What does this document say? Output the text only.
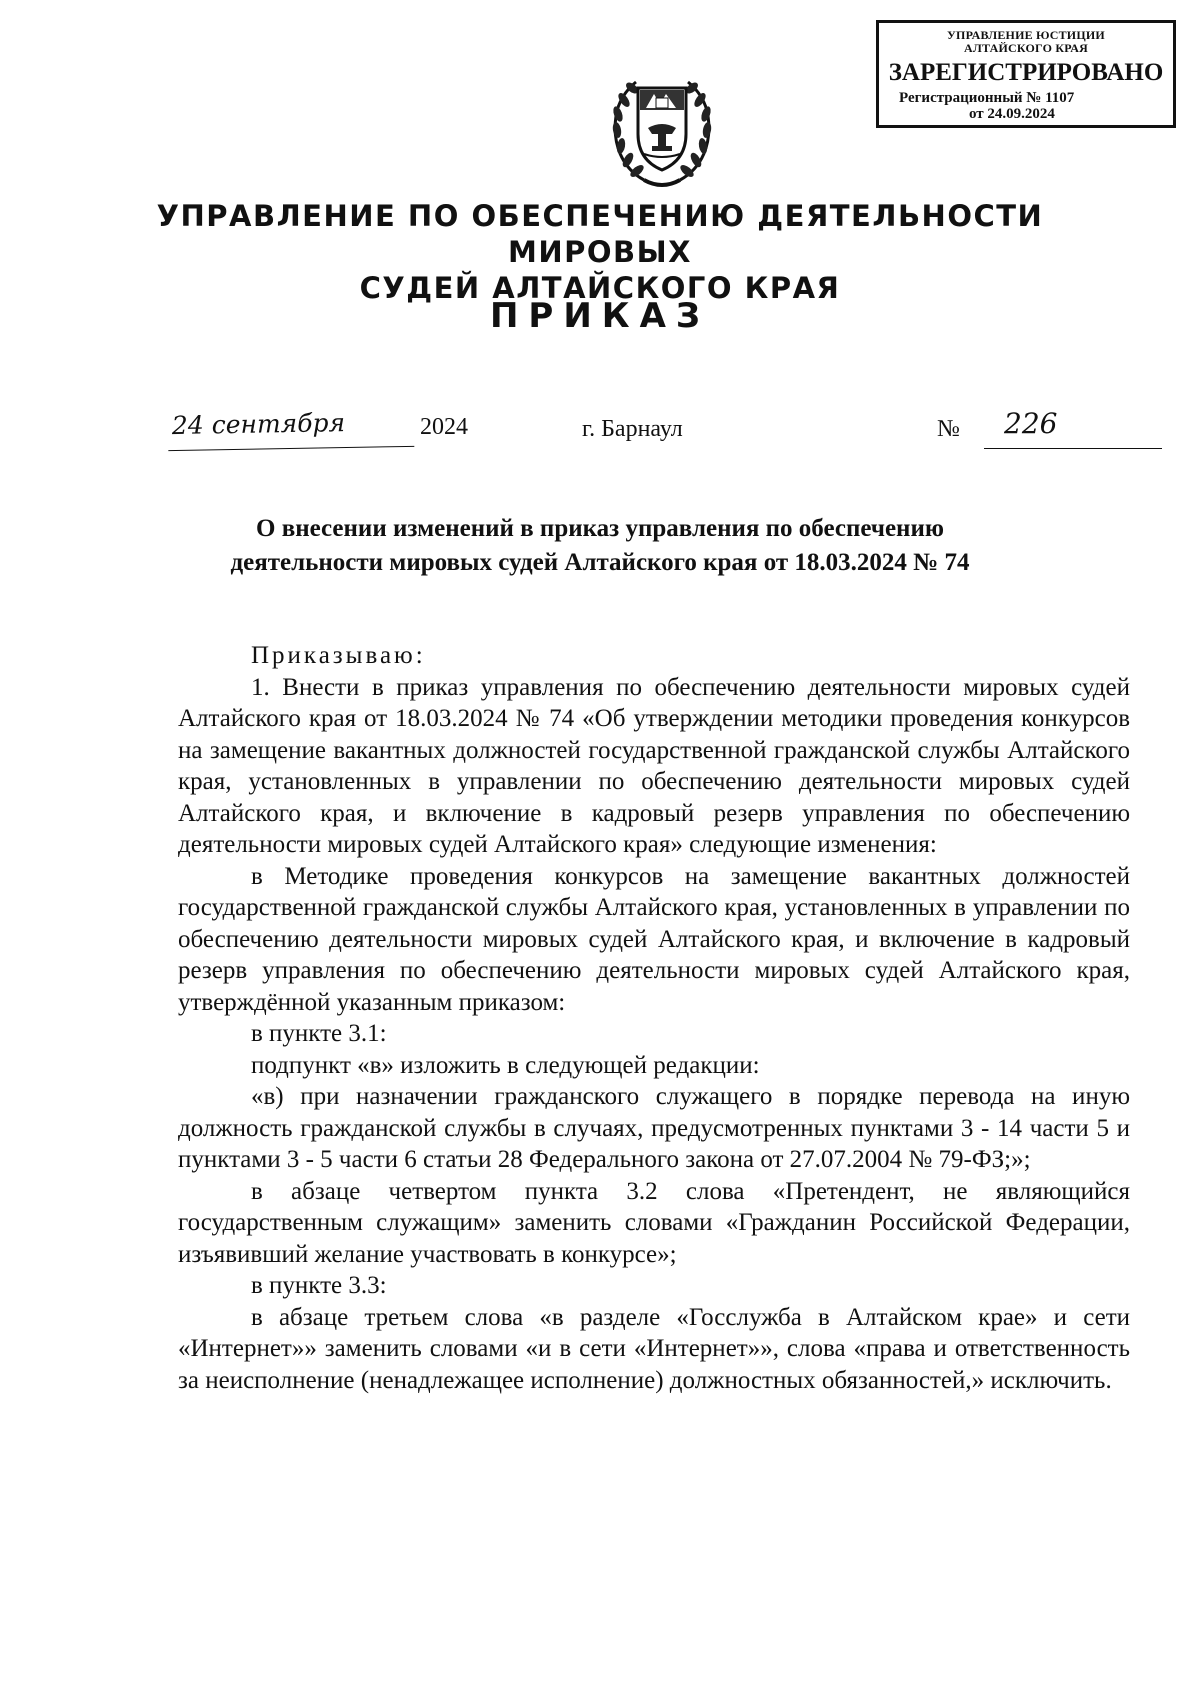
УПРАВЛЕНИЕ ЮСТИЦИИ
АЛТАЙСКОГО КРАЯ
ЗАРЕГИСТРИРОВАНО
Регистрационный № 1107
от 24.09.2024
УПРАВЛЕНИЕ ПО ОБЕСПЕЧЕНИЮ ДЕЯТЕЛЬНОСТИ МИРОВЫХ
СУДЕЙ АЛТАЙСКОГО КРАЯ
ПРИКАЗ
24 сентября	2024	г. Барнаул	№	226
О внесении изменений в приказ управления по обеспечению
деятельности мировых судей Алтайского края от 18.03.2024 № 74

Приказываю:

1. Внести в приказ управления по обеспечению деятельности мировых судей Алтайского края от 18.03.2024 № 74 «Об утверждении методики проведения конкурсов на замещение вакантных должностей государственной гражданской службы Алтайского края, установленных в управлении по обеспечению деятельности мировых судей Алтайского края, и включение в кадровый резерв управления по обеспечению деятельности мировых судей Алтайского края» следующие изменения:

в Методике проведения конкурсов на замещение вакантных должностей государственной гражданской службы Алтайского края, установленных в управлении по обеспечению деятельности мировых судей Алтайского края, и включение в кадровый резерв управления по обеспечению деятельности мировых судей Алтайского края, утверждённой указанным приказом:

в пункте 3.1:

подпункт «в» изложить в следующей редакции:

«в) при назначении гражданского служащего в порядке перевода на иную должность гражданской службы в случаях, предусмотренных пунктами 3 - 14 части 5 и пунктами 3 - 5 части 6 статьи 28 Федерального закона от 27.07.2004 № 79-ФЗ;»;

в абзаце четвертом пункта 3.2 слова «Претендент, не являющийся государственным служащим» заменить словами «Гражданин Российской Федерации, изъявивший желание участвовать в конкурсе»;

в пункте 3.3:

в абзаце третьем слова «в разделе «Госслужба в Алтайском крае» и сети «Интернет»» заменить словами «и в сети «Интернет»», слова «права и ответственность за неисполнение (ненадлежащее исполнение) должностных обязанностей,» исключить.
